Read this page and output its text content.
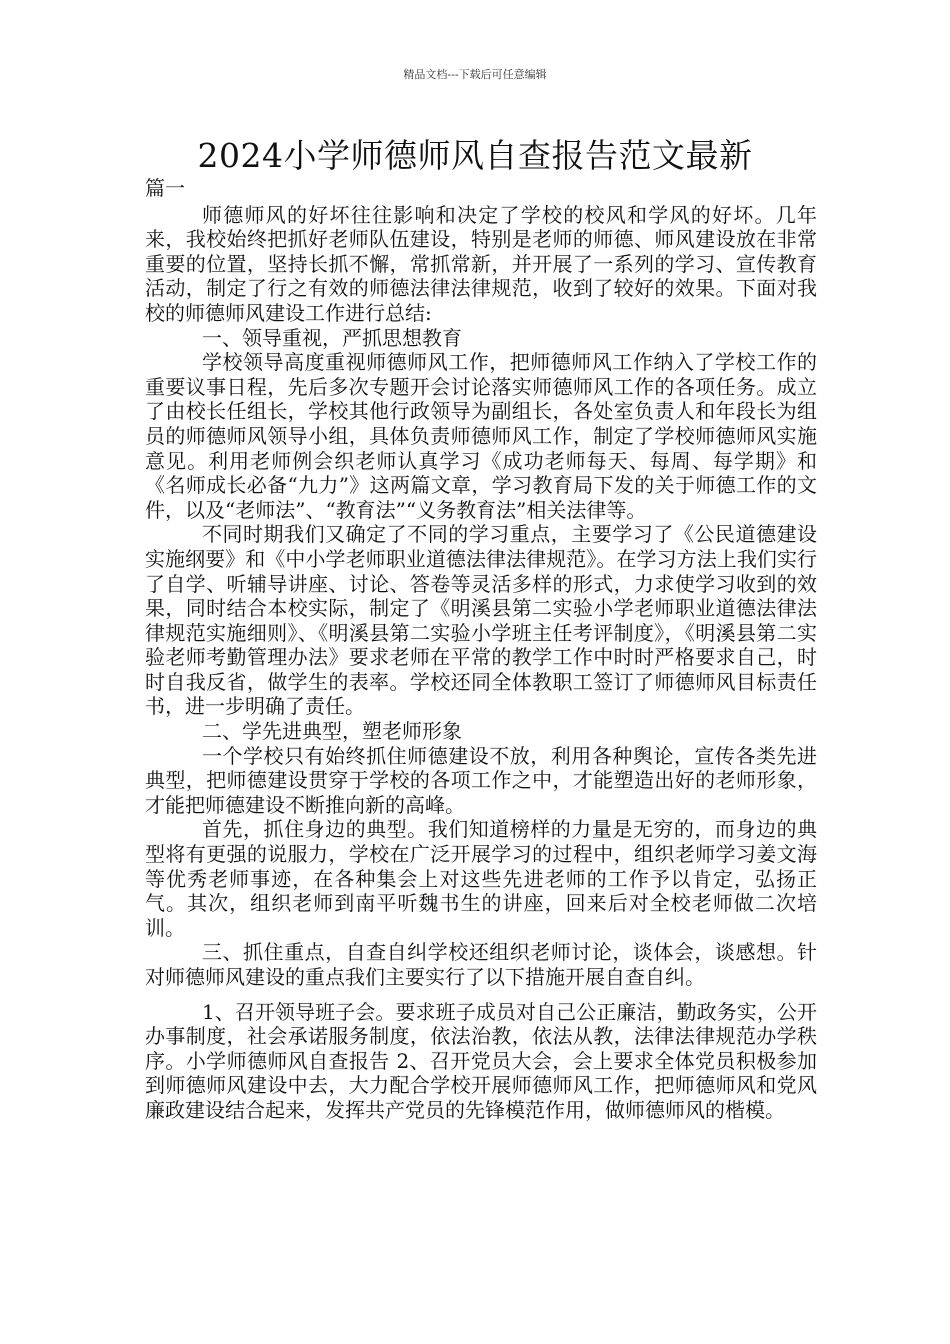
精品文档---下载后可任意编辑
2024小学师德师风自查报告范文最新

篇一

师德师风的好坏往往影响和决定了学校的校风和学风的好坏。几年来，我校始终把抓好老师队伍建设，特别是老师的师德、师风建设放在非常重要的位置，坚持长抓不懈，常抓常新，并开展了一系列的学习、宣传教育活动，制定了行之有效的师德法律法律规范，收到了较好的效果。下面对我校的师德师风建设工作进行总结:

一、领导重视，严抓思想教育

学校领导高度重视师德师风工作，把师德师风工作纳入了学校工作的重要议事日程，先后多次专题开会讨论落实师德师风工作的各项任务。成立了由校长任组长，学校其他行政领导为副组长，各处室负责人和年段长为组员的师德师风领导小组，具体负责师德师风工作，制定了学校师德师风实施意见。利用老师例会织老师认真学习《成功老师每天、每周、每学期》和《名师成长必备“九力”》这两篇文章，学习教育局下发的关于师德工作的文件，以及“老师法”、“教育法”“义务教育法”相关法律等。

不同时期我们又确定了不同的学习重点，主要学习了《公民道德建设实施纲要》和《中小学老师职业道德法律法律规范》。在学习方法上我们实行了自学、听辅导讲座、讨论、答卷等灵活多样的形式，力求使学习收到的效果，同时结合本校实际，制定了《明溪县第二实验小学老师职业道德法律法律规范实施细则》、《明溪县第二实验小学班主任考评制度》，《明溪县第二实验老师考勤管理办法》要求老师在平常的教学工作中时时严格要求自己，时时自我反省，做学生的表率。学校还同全体教职工签订了师德师风目标责任书，进一步明确了责任。

二、学先进典型，塑老师形象

一个学校只有始终抓住师德建设不放，利用各种舆论，宣传各类先进典型，把师德建设贯穿于学校的各项工作之中，才能塑造出好的老师形象，才能把师德建设不断推向新的高峰。

首先，抓住身边的典型。我们知道榜样的力量是无穷的，而身边的典型将有更强的说服力，学校在广泛开展学习的过程中，组织老师学习姜文海等优秀老师事迹，在各种集会上对这些先进老师的工作予以肯定，弘扬正气。其次，组织老师到南平听魏书生的讲座，回来后对全校老师做二次培训。

三、抓住重点，自查自纠学校还组织老师讨论，谈体会，谈感想。针对师德师风建设的重点我们主要实行了以下措施开展自查自纠。

1、召开领导班子会。要求班子成员对自己公正廉洁，勤政务实，公开办事制度，社会承诺服务制度，依法治教，依法从教，法律法律规范办学秩序。小学师德师风自查报告 2、召开党员大会，会上要求全体党员积极参加到师德师风建设中去，大力配合学校开展师德师风工作，把师德师风和党风廉政建设结合起来，发挥共产党员的先锋模范作用，做师德师风的楷模。
